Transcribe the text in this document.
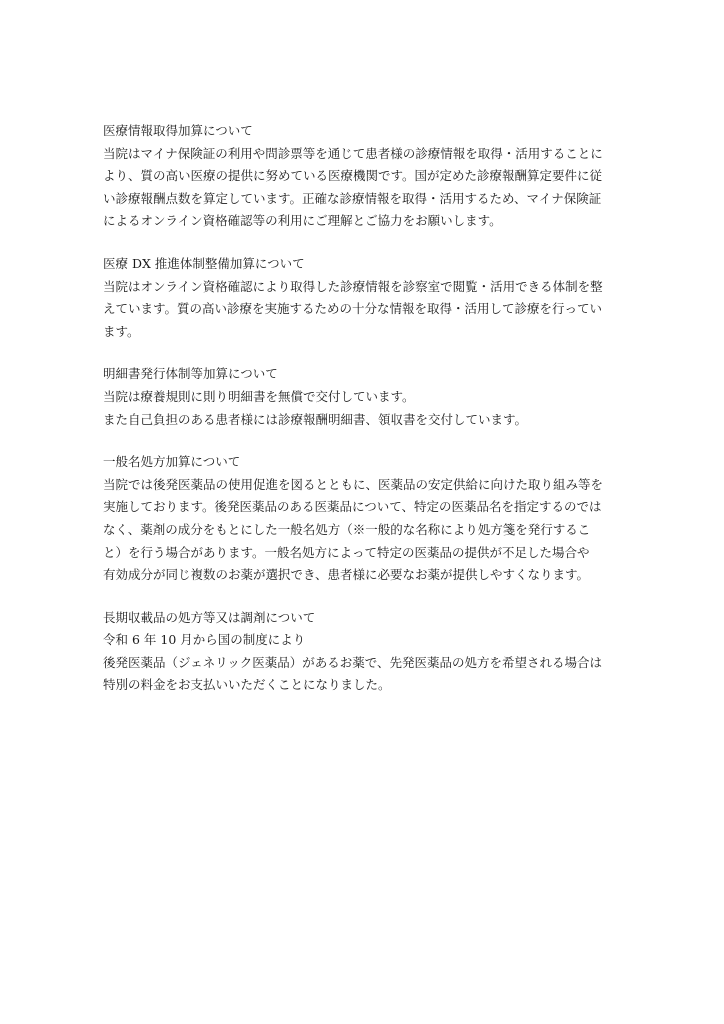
医療情報取得加算について
当院はマイナ保険証の利用や問診票等を通じて患者様の診療情報を取得・活用することに
より、質の高い医療の提供に努めている医療機関です。国が定めた診療報酬算定要件に従
い診療報酬点数を算定しています。正確な診療情報を取得・活用するため、マイナ保険証
によるオンライン資格確認等の利用にご理解とご協力をお願いします。
医療 DX 推進体制整備加算について
当院はオンライン資格確認により取得した診療情報を診察室で閲覧・活用できる体制を整
えています。質の高い診療を実施するための十分な情報を取得・活用して診療を行ってい
ます。
明細書発行体制等加算について
当院は療養規則に則り明細書を無償で交付しています。
また自己負担のある患者様には診療報酬明細書、領収書を交付しています。
一般名処方加算について
当院では後発医薬品の使用促進を図るとともに、医薬品の安定供給に向けた取り組み等を
実施しております。後発医薬品のある医薬品について、特定の医薬品名を指定するのでは
なく、薬剤の成分をもとにした一般名処方（※一般的な名称により処方箋を発行するこ
と）を行う場合があります。一般名処方によって特定の医薬品の提供が不足した場合や
有効成分が同じ複数のお薬が選択でき、患者様に必要なお薬が提供しやすくなります。
長期収載品の処方等又は調剤について
令和 6 年 10 月から国の制度により
後発医薬品（ジェネリック医薬品）があるお薬で、先発医薬品の処方を希望される場合は
特別の料金をお支払いいただくことになりました。
